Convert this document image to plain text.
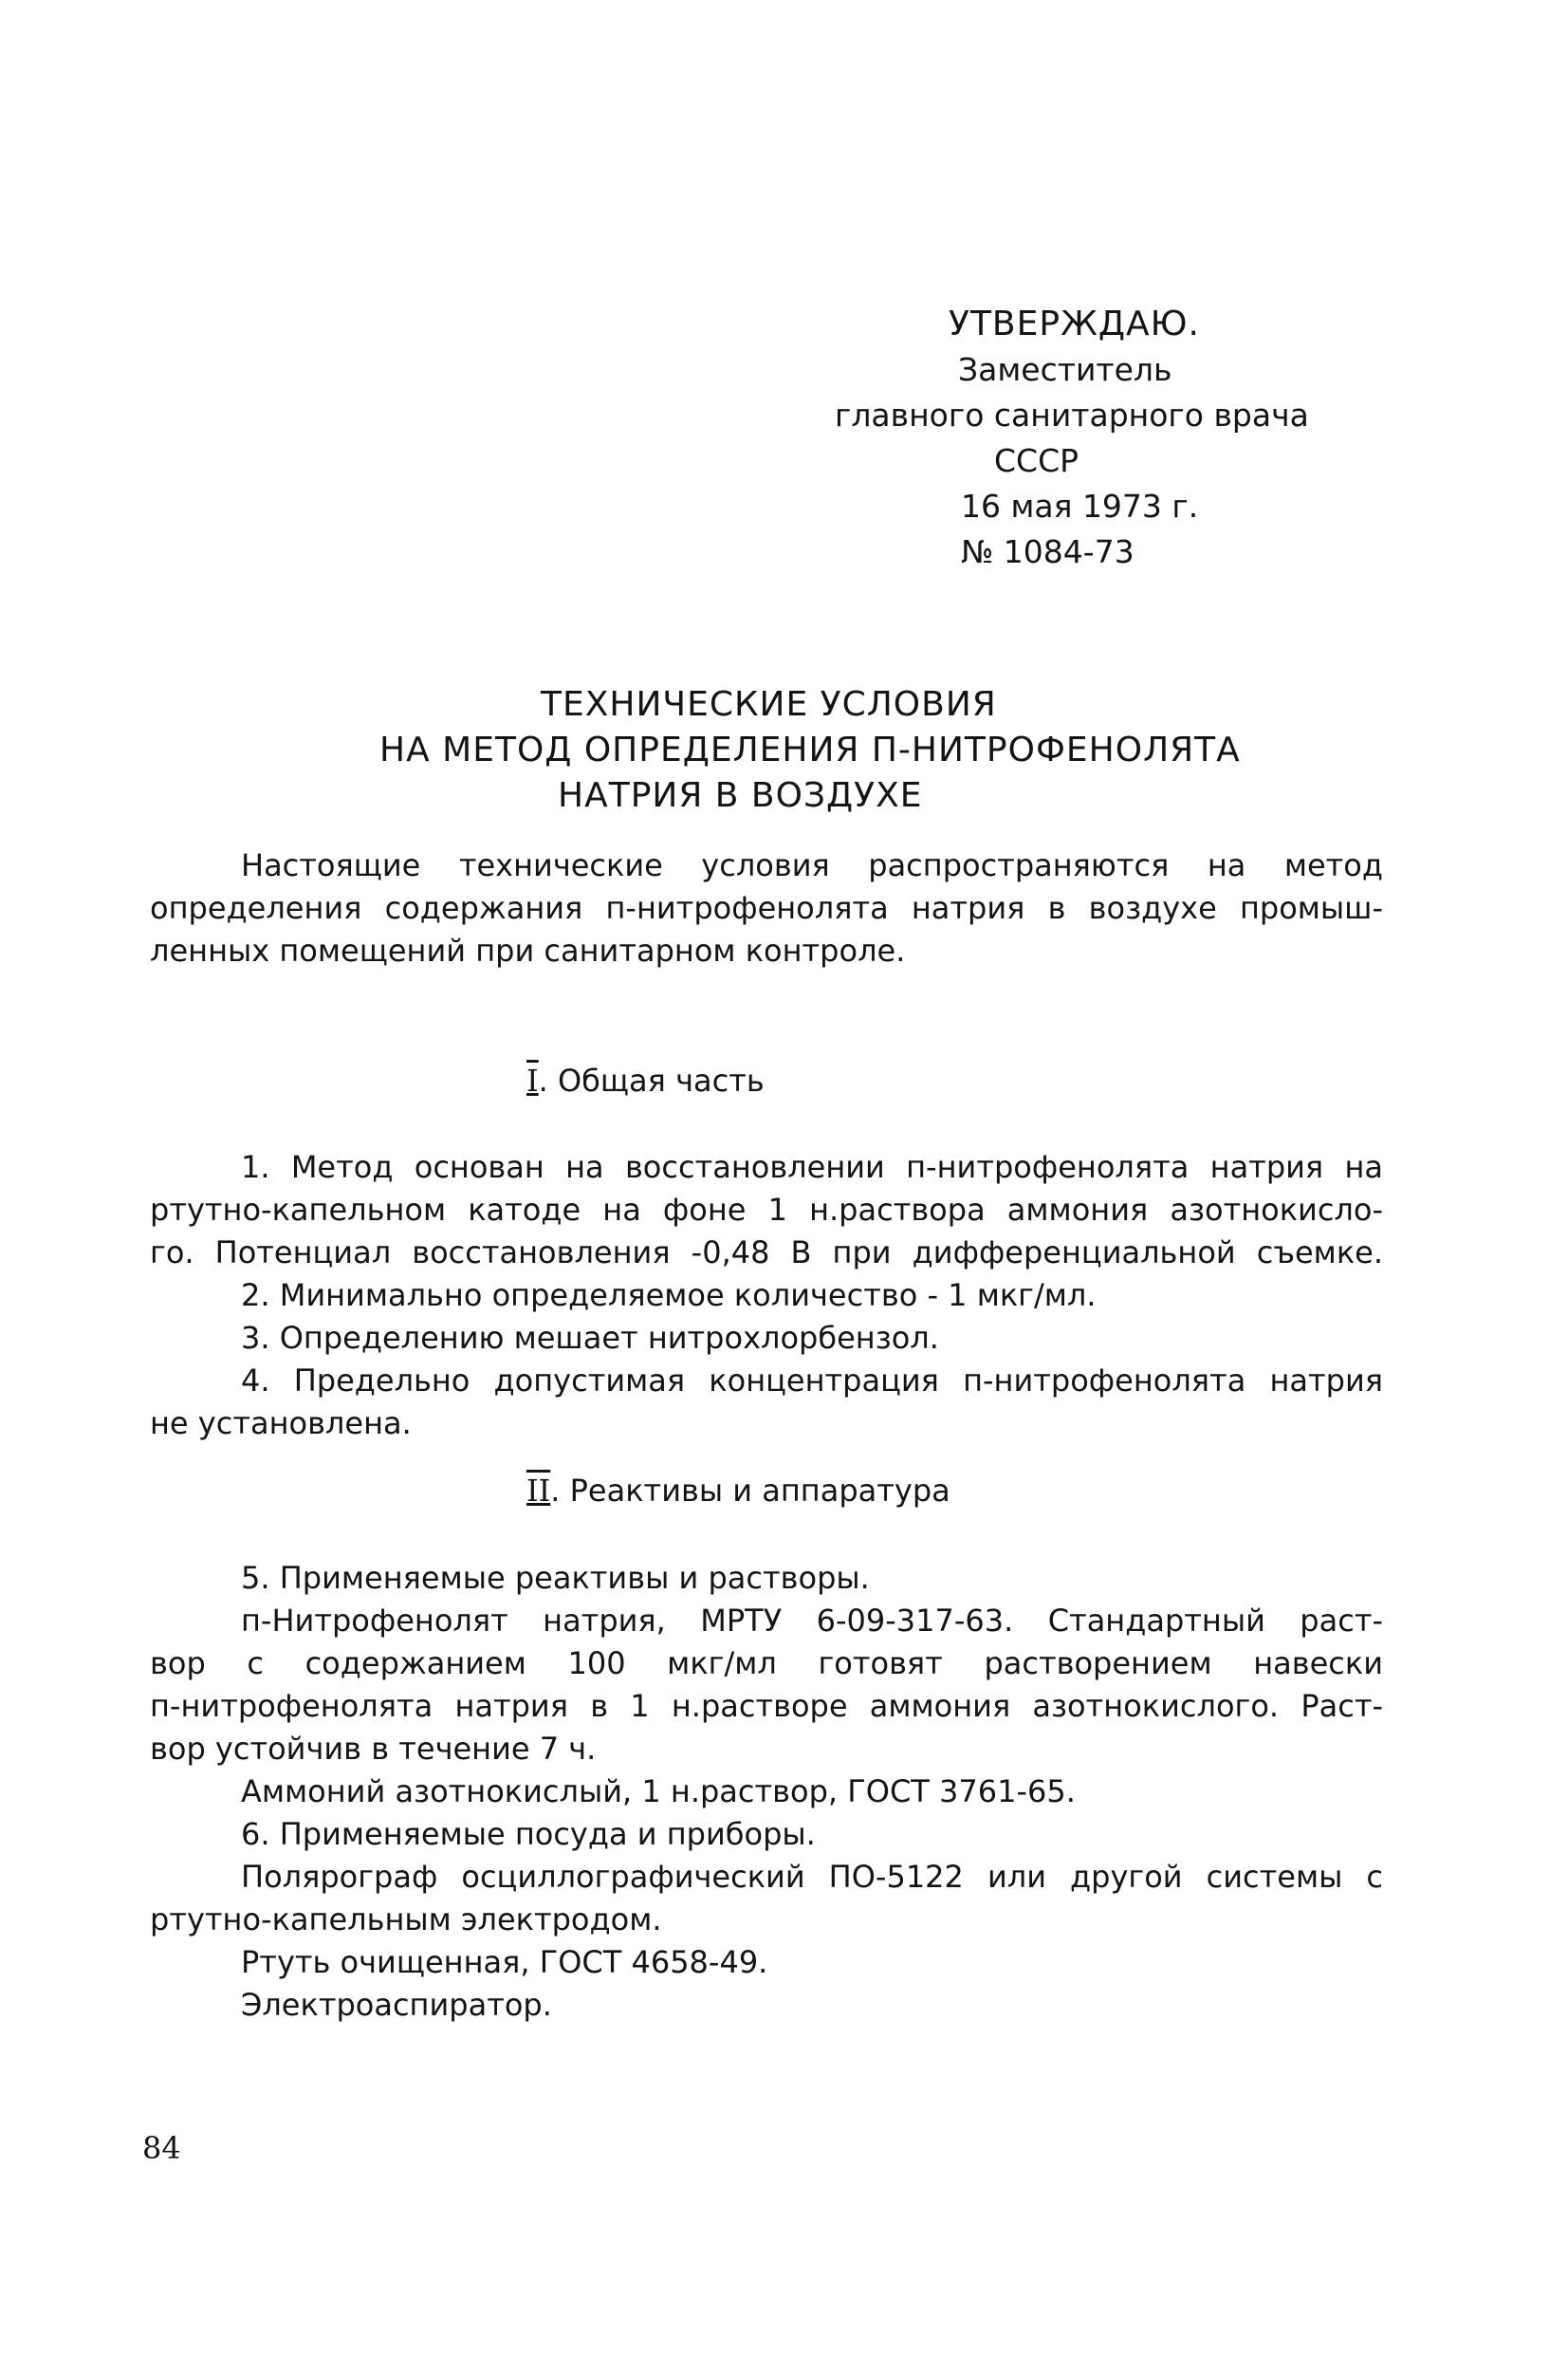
УТВЕРЖДАЮ.
Заместитель
главного санитарного врача
СССР
16 мая 1973 г.
№ 1084-73
ТЕХНИЧЕСКИЕ УСЛОВИЯ
НА МЕТОД ОПРЕДЕЛЕНИЯ П-НИТРОФЕНОЛЯТА
НАТРИЯ В ВОЗДУХЕ
Настоящие технические условия распространяются на метод
определения содержания п-нитрофенолята натрия в воздухе промыш-
ленных помещений при санитарном контроле.
I. Общая часть
1. Метод основан на восстановлении п-нитрофенолята натрия на
ртутно-капельном катоде на фоне 1 н.раствора аммония азотнокисло-
го. Потенциал восстановления -0,48 В при дифференциальной съемке.
2. Минимально определяемое количество - 1 мкг/мл.
3. Определению мешает нитрохлорбензол.
4. Предельно допустимая концентрация п-нитрофенолята натрия
не установлена.
II. Реактивы и аппаратура
5. Применяемые реактивы и растворы.
п-Нитрофенолят натрия, МРТУ 6-09-317-63. Стандартный раст-
вор с содержанием 100 мкг/мл готовят растворением навески
п-нитрофенолята натрия в 1 н.растворе аммония азотнокислого. Раст-
вор устойчив в течение 7 ч.
Аммоний азотнокислый, 1 н.раствор, ГОСТ 3761-65.
6. Применяемые посуда и приборы.
Полярограф осциллографический ПО-5122 или другой системы с
ртутно-капельным электродом.
Ртуть очищенная, ГОСТ 4658-49.
Электроаспиратор.
84
